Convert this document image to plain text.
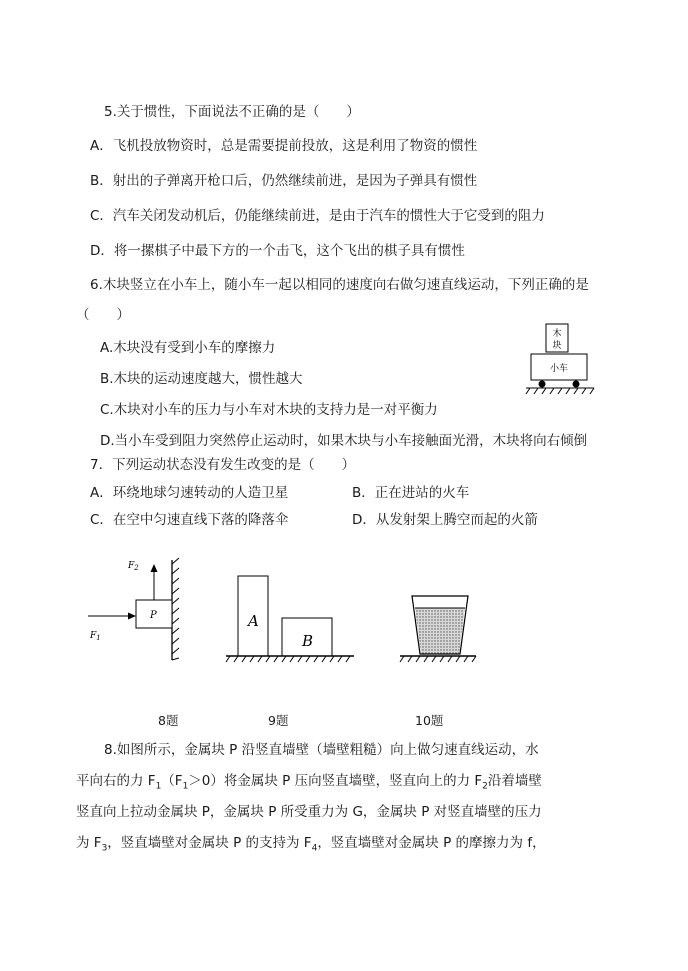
5.关于惯性，下面说法不正确的是（　　）
A．飞机投放物资时，总是需要提前投放，这是利用了物资的惯性
B．射出的子弹离开枪口后，仍然继续前进，是因为子弹具有惯性
C．汽车关闭发动机后，仍能继续前进，是由于汽车的惯性大于它受到的阻力
D．将一摞棋子中最下方的一个击飞，这个飞出的棋子具有惯性
6.木块竖立在小车上，随小车一起以相同的速度向右做匀速直线运动，下列正确的是
（　　）
A.木块没有受到小车的摩擦力
B.木块的运动速度越大，惯性越大
C.木块对小车的压力与小车对木块的支持力是一对平衡力
D.当小车受到阻力突然停止运动时，如果木块与小车接触面光滑，木块将向右倾倒
木
块
小车
7．下列运动状态没有发生改变的是（　　）
A．环绕地球匀速转动的人造卫星	B．正在进站的火车
C．在空中匀速直线下落的降落伞	D．从发射架上腾空而起的火箭
P
$F_2$
$F_1$
A
B
8题	9题	10题
8.如图所示，金属块 P 沿竖直墙壁（墙壁粗糙）向上做匀速直线运动，水
平向右的力 $F_1(F_1>0)$将金属块 P 压向竖直墙壁，竖直向上的力 $F_2$沿着墙壁
竖直向上拉动金属块 P，金属块 P 所受重力为 G，金属块 P 对竖直墙壁的压力
为 $F_3$，竖直墙壁对金属块 P 的支持为 $F_4$，竖直墙壁对金属块 P 的摩擦力为 f，
